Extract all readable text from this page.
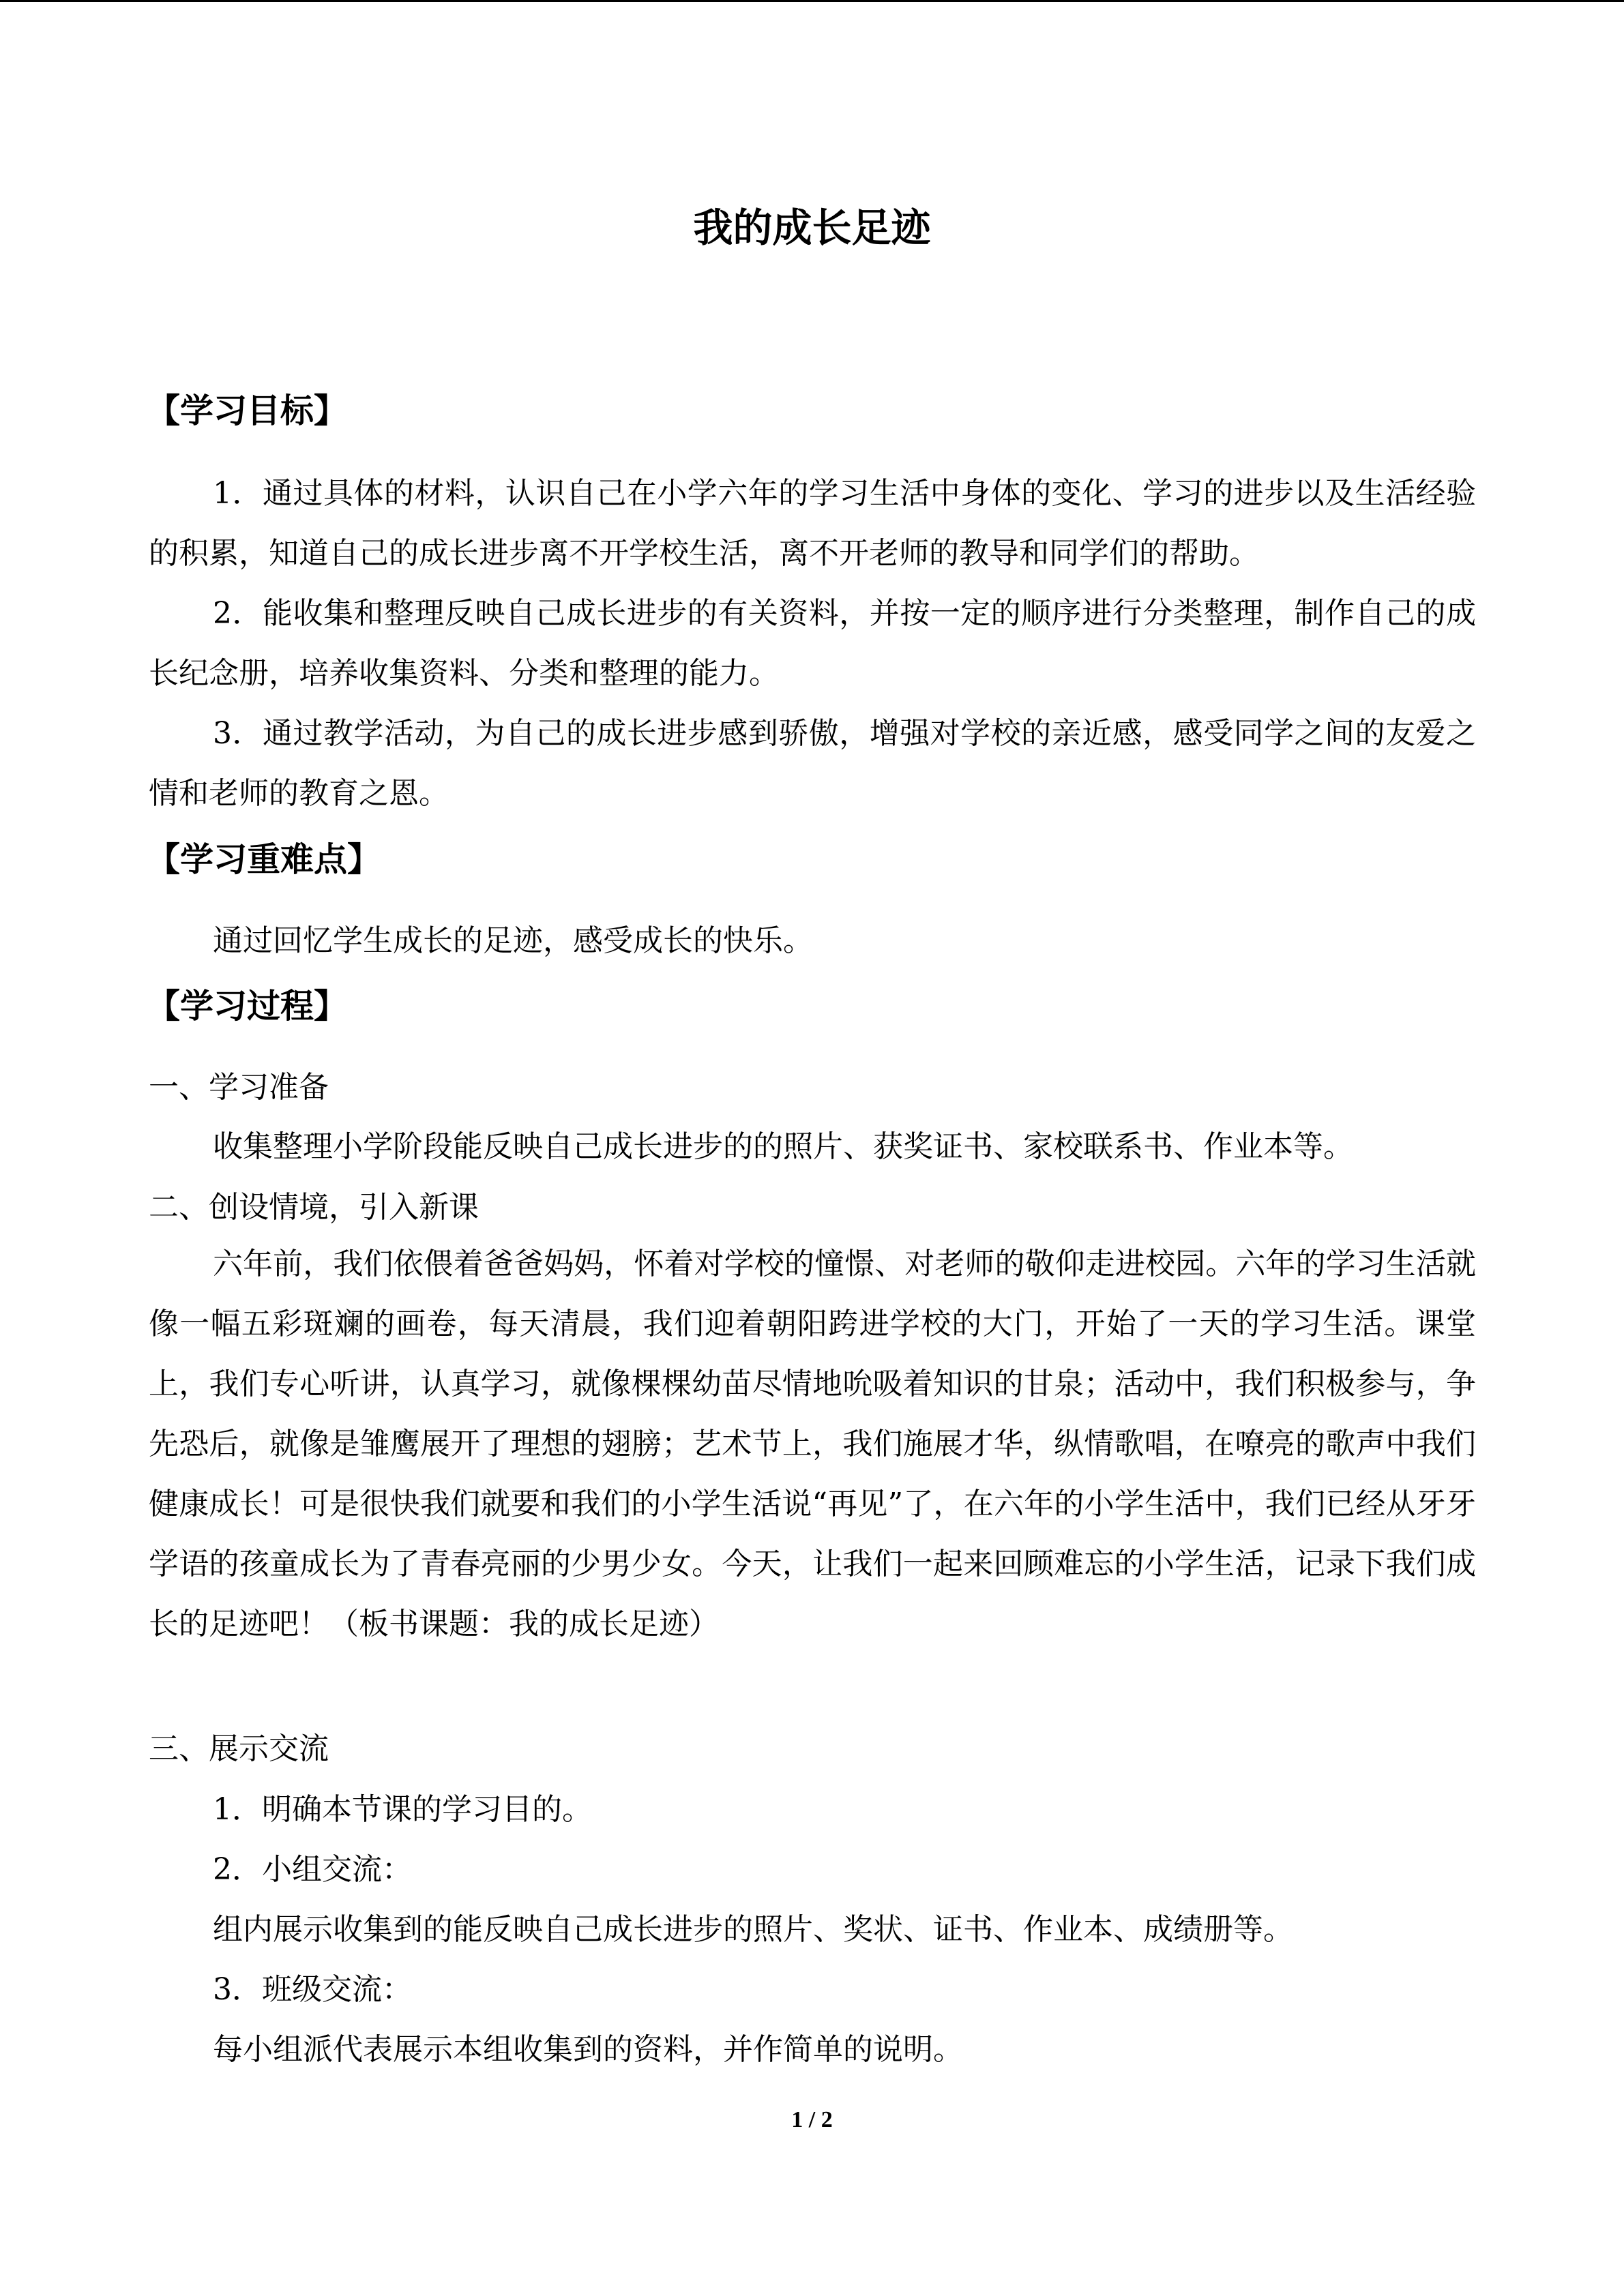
我的成长足迹
【学习目标】
1．通过具体的材料，认识自己在小学六年的学习生活中身体的变化、学习的进步以及生活经验的积累，知道自己的成长进步离不开学校生活，离不开老师的教导和同学们的帮助。
2．能收集和整理反映自己成长进步的有关资料，并按一定的顺序进行分类整理，制作自己的成长纪念册，培养收集资料、分类和整理的能力。
3．通过教学活动，为自己的成长进步感到骄傲，增强对学校的亲近感，感受同学之间的友爱之情和老师的教育之恩。
【学习重难点】
通过回忆学生成长的足迹，感受成长的快乐。
【学习过程】
一、学习准备
收集整理小学阶段能反映自己成长进步的的照片、获奖证书、家校联系书、作业本等。
二、创设情境，引入新课
六年前，我们依偎着爸爸妈妈，怀着对学校的憧憬、对老师的敬仰走进校园。六年的学习生活就像一幅五彩斑斓的画卷，每天清晨，我们迎着朝阳跨进学校的大门，开始了一天的学习生活。课堂上，我们专心听讲，认真学习，就像棵棵幼苗尽情地吮吸着知识的甘泉；活动中，我们积极参与，争先恐后，就像是雏鹰展开了理想的翅膀；艺术节上，我们施展才华，纵情歌唱，在嘹亮的歌声中我们健康成长！可是很快我们就要和我们的小学生活说“再见”了，在六年的小学生活中，我们已经从牙牙学语的孩童成长为了青春亮丽的少男少女。今天，让我们一起来回顾难忘的小学生活，记录下我们成长的足迹吧！（板书课题：我的成长足迹）
三、展示交流
1．明确本节课的学习目的。
2．小组交流：
组内展示收集到的能反映自己成长进步的照片、奖状、证书、作业本、成绩册等。
3．班级交流：
每小组派代表展示本组收集到的资料，并作简单的说明。
1 / 2
